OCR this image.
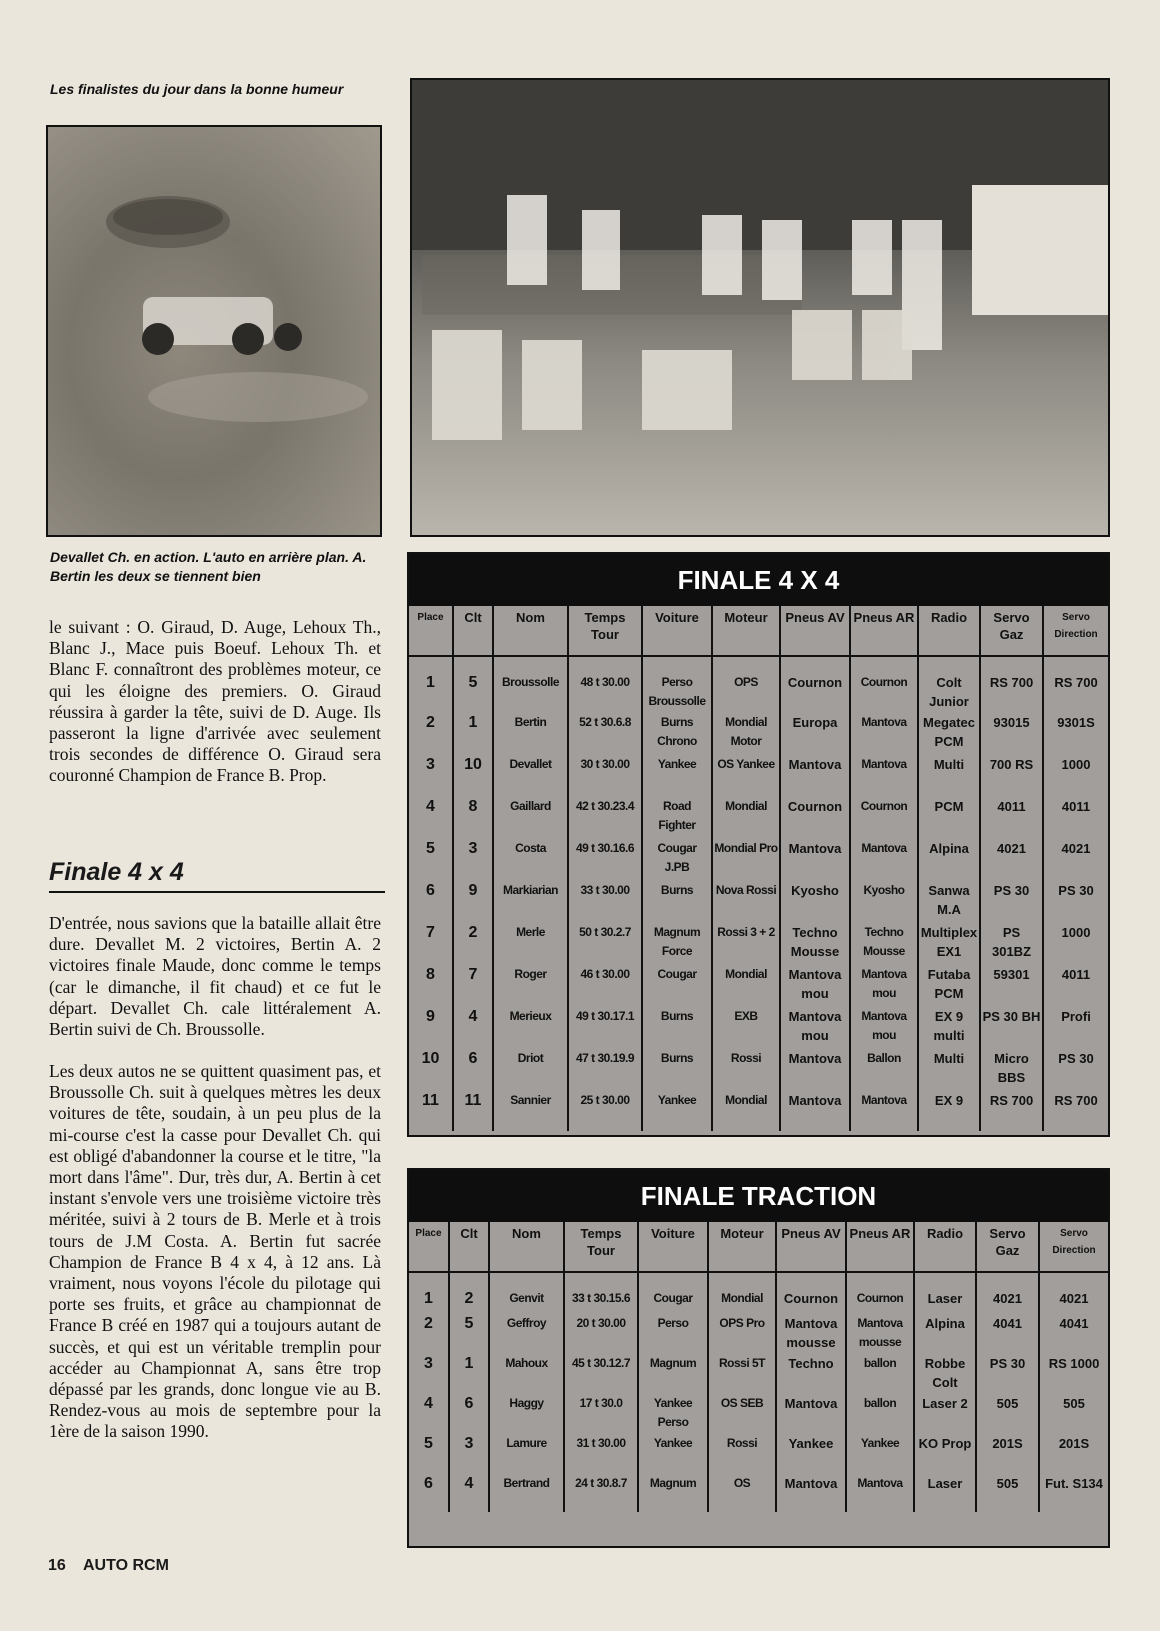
Les finalistes du jour dans la bonne humeur
Devallet Ch. en action. L'auto en arrière plan. A. Bertin les deux se tiennent bien
le suivant : O. Giraud, D. Auge, Lehoux Th., Blanc J., Mace puis Boeuf. Lehoux Th. et Blanc F. connaîtront des problèmes moteur, ce qui les éloigne des premiers. O. Giraud réussira à garder la tête, suivi de D. Auge. Ils passeront la ligne d'arrivée avec seulement trois secondes de différence O. Giraud sera couronné Champion de France B. Prop.
Finale 4 x 4
D'entrée, nous savions que la bataille allait être dure. Devallet M. 2 victoires, Bertin A. 2 victoires finale Maude, donc comme le temps (car le dimanche, il fit chaud) et ce fut le départ. Devallet Ch. cale littéralement A. Bertin suivi de Ch. Broussolle.
Les deux autos ne se quittent quasiment pas, et Broussolle Ch. suit à quelques mètres les deux voitures de tête, soudain, à un peu plus de la mi-course c'est la casse pour Devallet Ch. qui est obligé d'abandonner la course et le titre, "la mort dans l'âme". Dur, très dur, A. Bertin à cet instant s'envole vers une troisième victoire très méritée, suivi à 2 tours de B. Merle et à trois tours de J.M Costa. A. Bertin fut sacrée Champion de France B 4 x 4, à 12 ans. Là vraiment, nous voyons l'école du pilotage qui porte ses fruits, et grâce au championnat de France B créé en 1987 qui a toujours autant de succès, et qui est un véritable tremplin pour accéder au Championnat A, sans être trop dépassé par les grands, donc longue vie au B. Rendez-vous au mois de septembre pour la 1ère de la saison 1990.
16 AUTO RCM
FINALE 4 X 4
Place	Clt	Nom	Temps Tour	Voiture	Moteur	Pneus AV	Pneus AR	Radio	Servo Gaz	Servo Direction
1	5	Broussolle	48 t 30.00	Perso Broussolle	OPS	Cournon	Cournon	Colt Junior	RS 700	RS 700
2	1	Bertin	52 t 30.6.8	Burns Chrono	Mondial Motor	Europa	Mantova	Megatec PCM	93015	9301S
3	10	Devallet	30 t 30.00	Yankee	OS Yankee	Mantova	Mantova	Multi	700 RS	1000
4	8	Gaillard	42 t 30.23.4	Road Fighter	Mondial	Cournon	Cournon	PCM	4011	4011
5	3	Costa	49 t 30.16.6	Cougar J.PB	Mondial Pro	Mantova	Mantova	Alpina	4021	4021
6	9	Markiarian	33 t 30.00	Burns	Nova Rossi	Kyosho	Kyosho	Sanwa M.A	PS 30	PS 30
7	2	Merle	50 t 30.2.7	Magnum Force	Rossi 3 + 2	Techno Mousse	Techno Mousse	Multiplex EX1	PS 301BZ	1000
8	7	Roger	46 t 30.00	Cougar	Mondial	Mantova mou	Mantova mou	Futaba PCM	59301	4011
9	4	Merieux	49 t 30.17.1	Burns	EXB	Mantova mou	Mantova mou	EX 9 multi	PS 30 BH	Profi
10	6	Driot	47 t 30.19.9	Burns	Rossi	Mantova	Ballon	Multi	Micro BBS	PS 30
11	11	Sannier	25 t 30.00	Yankee	Mondial	Mantova	Mantova	EX 9	RS 700	RS 700
FINALE TRACTION
Place	Clt	Nom	Temps Tour	Voiture	Moteur	Pneus AV	Pneus AR	Radio	Servo Gaz	Servo Direction
1	2	Genvit	33 t 30.15.6	Cougar	Mondial	Cournon	Cournon	Laser	4021	4021
2	5	Geffroy	20 t 30.00	Perso	OPS Pro	Mantova mousse	Mantova mousse	Alpina	4041	4041
3	1	Mahoux	45 t 30.12.7	Magnum	Rossi 5T	Techno	ballon	Robbe Colt	PS 30	RS 1000
4	6	Haggy	17 t 30.0	Yankee Perso	OS SEB	Mantova	ballon	Laser 2	505	505
5	3	Lamure	31 t 30.00	Yankee	Rossi	Yankee	Yankee	KO Prop	201S	201S
6	4	Bertrand	24 t 30.8.7	Magnum	OS	Mantova	Mantova	Laser	505	Fut. S134
